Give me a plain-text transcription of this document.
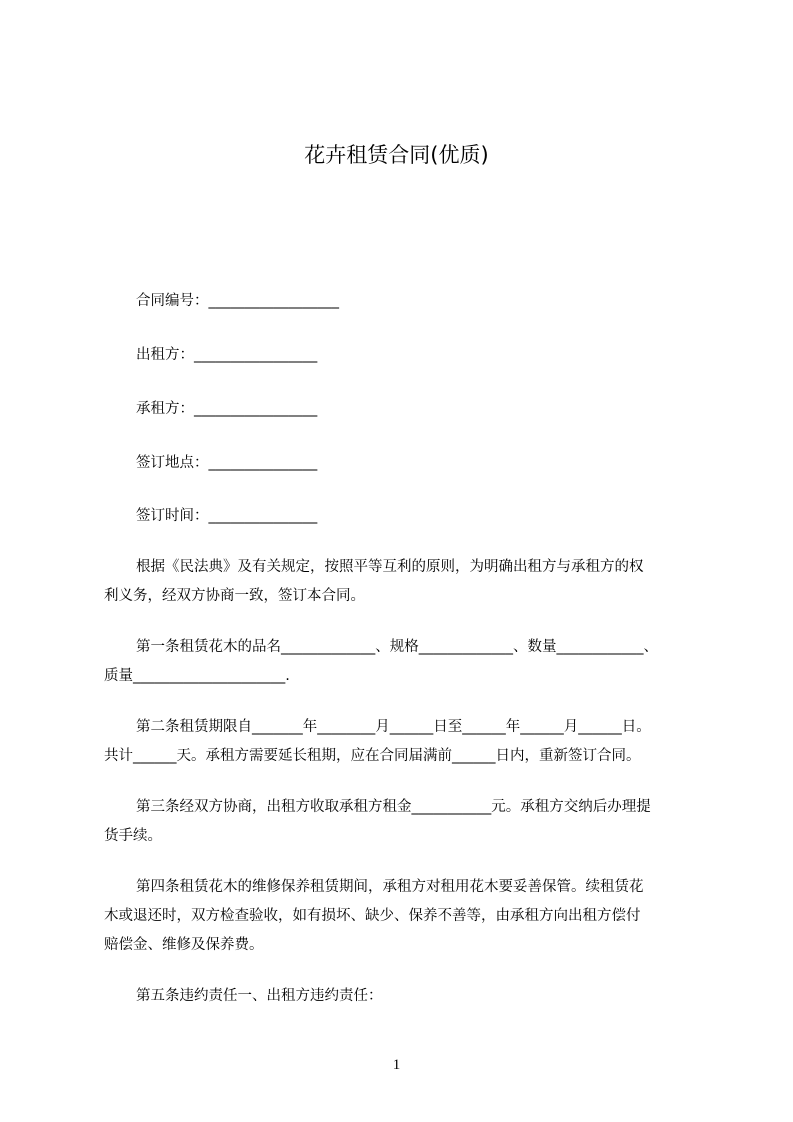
花卉租赁合同(优质)
合同编号：__________________
出租方：_________________
承租方：_________________
签订地点：_______________
签订时间：_______________
根据《民法典》及有关规定，按照平等互利的原则，为明确出租方与承租方的权
利义务，经双方协商一致，签订本合同。
第一条租赁花木的品名_____________、规格_____________、数量____________、
质量_____________________.
第二条租赁期限自_______年________月______日至______年______月______日。
共计______天。承租方需要延长租期，应在合同届满前______日内，重新签订合同。
第三条经双方协商，出租方收取承租方租金___________元。承租方交纳后办理提
货手续。
第四条租赁花木的维修保养租赁期间，承租方对租用花木要妥善保管。续租赁花
木或退还时，双方检查验收，如有损坏、缺少、保养不善等，由承租方向出租方偿付
赔偿金、维修及保养费。
第五条违约责任一、出租方违约责任：
1
